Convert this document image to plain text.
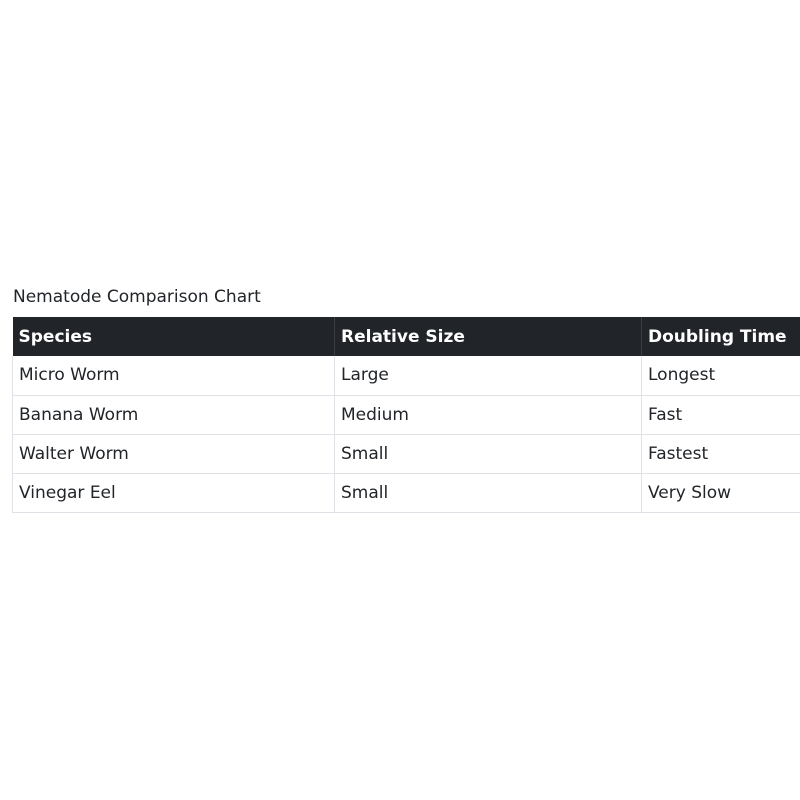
Nematode Comparison Chart
Species	Relative Size	Doubling Time
Micro Worm	Large	Longest
Banana Worm	Medium	Fast
Walter Worm	Small	Fastest
Vinegar Eel	Small	Very Slow
